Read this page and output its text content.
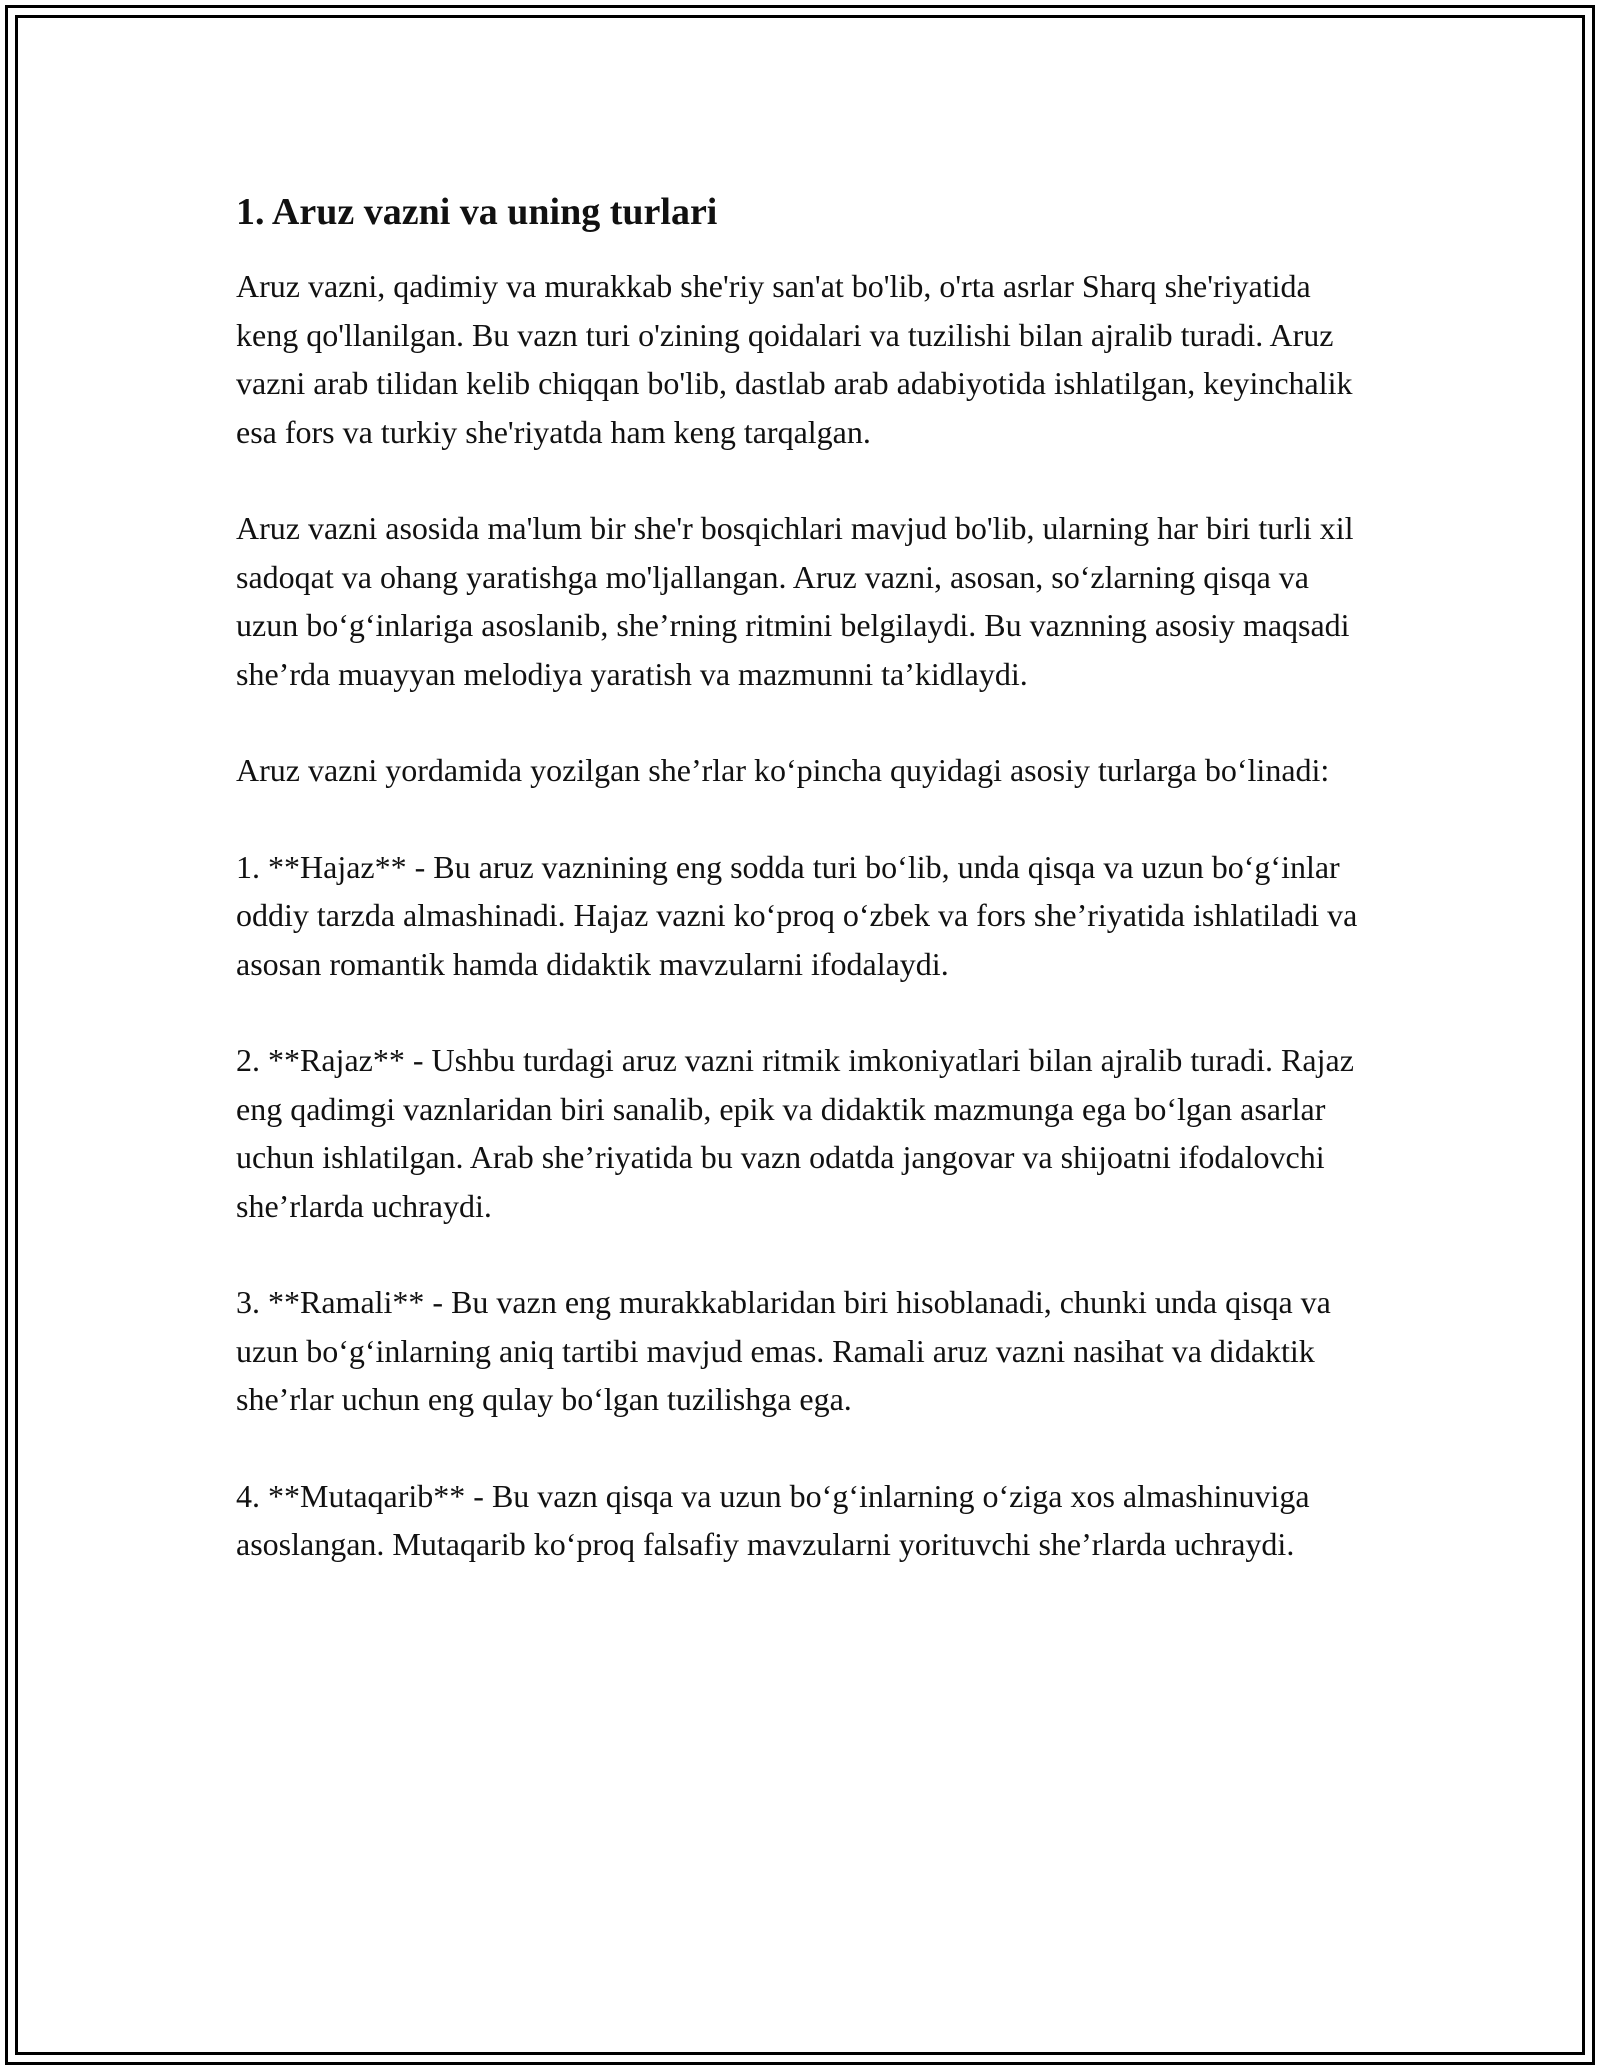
1. Aruz vazni va uning turlari

Aruz vazni, qadimiy va murakkab she'riy san'at bo'lib, o'rta asrlar Sharq she'riyatida keng qo'llanilgan. Bu vazn turi o'zining qoidalari va tuzilishi bilan ajralib turadi. Aruz vazni arab tilidan kelib chiqqan bo'lib, dastlab arab adabiyotida ishlatilgan, keyinchalik esa fors va turkiy she'riyatda ham keng tarqalgan.

Aruz vazni asosida ma'lum bir she'r bosqichlari mavjud bo'lib, ularning har biri turli xil sadoqat va ohang yaratishga mo'ljallangan. Aruz vazni, asosan, so‘zlarning qisqa va uzun bo‘g‘inlariga asoslanib, she’rning ritmini belgilaydi. Bu vaznning asosiy maqsadi she’rda muayyan melodiya yaratish va mazmunni ta’kidlaydi.

Aruz vazni yordamida yozilgan she’rlar ko‘pincha quyidagi asosiy turlarga bo‘linadi:

1. **Hajaz** - Bu aruz vaznining eng sodda turi bo‘lib, unda qisqa va uzun bo‘g‘inlar oddiy tarzda almashinadi. Hajaz vazni ko‘proq o‘zbek va fors she’riyatida ishlatiladi va asosan romantik hamda didaktik mavzularni ifodalaydi.

2. **Rajaz** - Ushbu turdagi aruz vazni ritmik imkoniyatlari bilan ajralib turadi. Rajaz eng qadimgi vaznlaridan biri sanalib, epik va didaktik mazmunga ega bo‘lgan asarlar uchun ishlatilgan. Arab she’riyatida bu vazn odatda jangovar va shijoatni ifodalovchi she’rlarda uchraydi.

3. **Ramali** - Bu vazn eng murakkablaridan biri hisoblanadi, chunki unda qisqa va uzun bo‘g‘inlarning aniq tartibi mavjud emas. Ramali aruz vazni nasihat va didaktik she’rlar uchun eng qulay bo‘lgan tuzilishga ega.

4. **Mutaqarib** - Bu vazn qisqa va uzun bo‘g‘inlarning o‘ziga xos almashinuviga asoslangan. Mutaqarib ko‘proq falsafiy mavzularni yorituvchi she’rlarda uchraydi.
